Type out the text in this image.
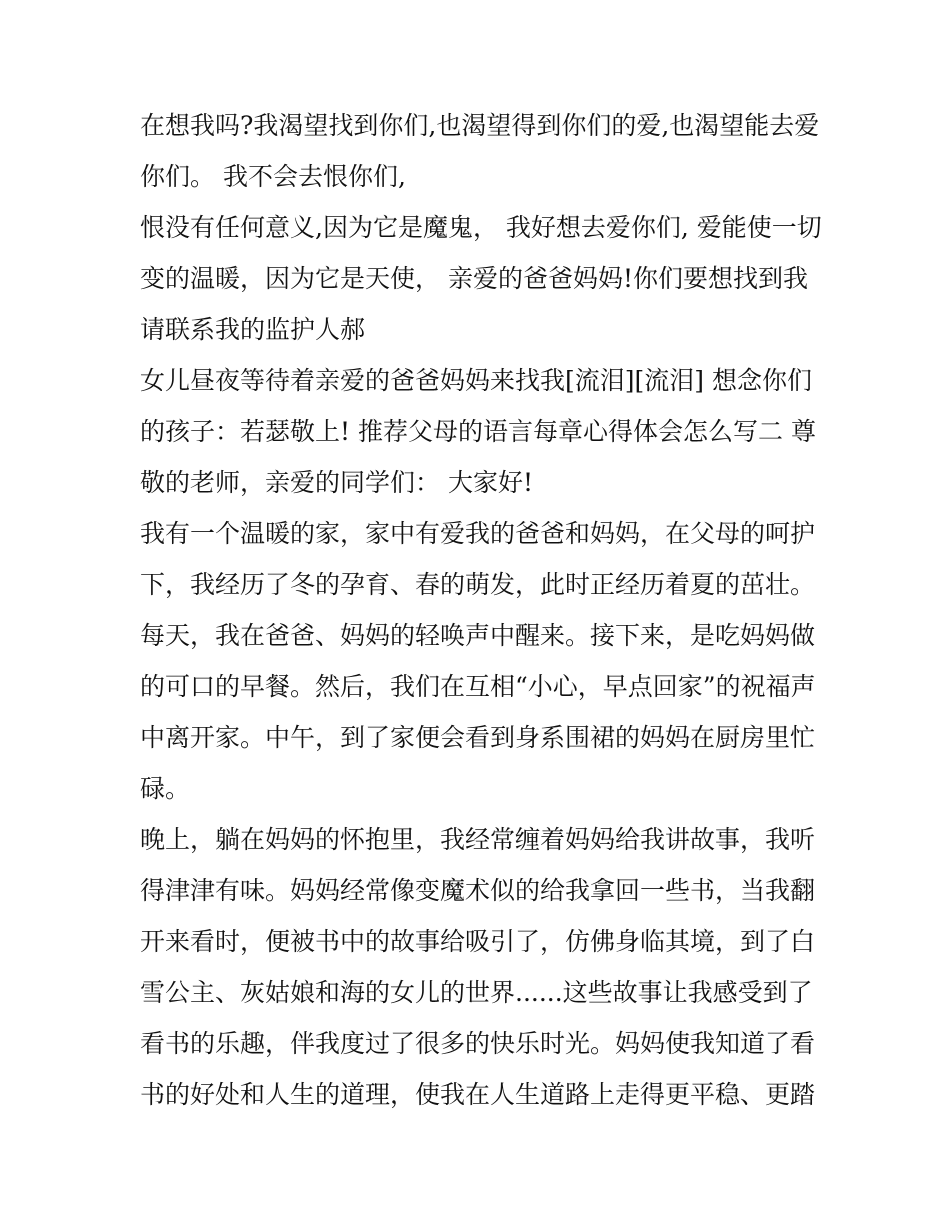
在想我吗?我渴望找到你们,也渴望得到你们的爱,也渴望能去爱
你们。 我不会去恨你们,
恨没有任何意义,因为它是魔鬼， 我好想去爱你们, 爱能使一切
变的温暖，因为它是天使， 亲爱的爸爸妈妈!你们要想找到我
请联系我的监护人郝
女儿昼夜等待着亲爱的爸爸妈妈来找我[流泪][流泪] 想念你们
的孩子：若瑟敬上! 推荐父母的语言每章心得体会怎么写二 尊
敬的老师，亲爱的同学们： 大家好!
我有一个温暖的家，家中有爱我的爸爸和妈妈，在父母的呵护
下，我经历了冬的孕育、春的萌发，此时正经历着夏的茁壮。
每天，我在爸爸、妈妈的轻唤声中醒来。接下来，是吃妈妈做
的可口的早餐。然后，我们在互相“小心，早点回家”的祝福声
中离开家。中午，到了家便会看到身系围裙的妈妈在厨房里忙
碌。
晚上，躺在妈妈的怀抱里，我经常缠着妈妈给我讲故事，我听
得津津有味。妈妈经常像变魔术似的给我拿回一些书，当我翻
开来看时，便被书中的故事给吸引了，仿佛身临其境，到了白
雪公主、灰姑娘和海的女儿的世界......这些故事让我感受到了
看书的乐趣，伴我度过了很多的快乐时光。妈妈使我知道了看
书的好处和人生的道理，使我在人生道路上走得更平稳、更踏
